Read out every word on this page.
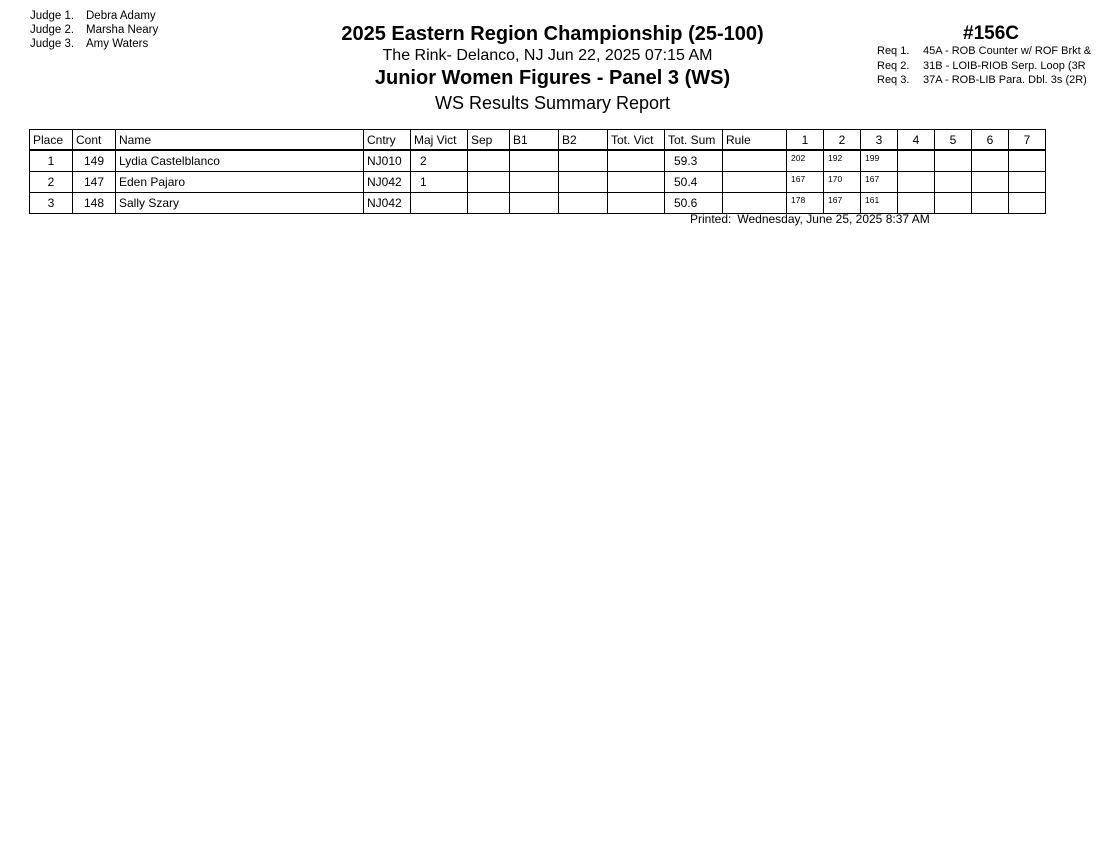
Judge 1. Debra Adamy
Judge 2. Marsha Neary
Judge 3. Amy Waters	2025 Eastern Region Championship (25-100)
The Rink- Delanco, NJ Jun 22, 2025 07:15 AM
Junior Women Figures - Panel 3 (WS)
WS Results Summary Report
#156C
Req 1. 45A - ROB Counter w/ ROF Brkt &
Req 2. 31B - LOIB-RIOB Serp. Loop (3R
Req 3. 37A - ROB-LIB Para. Dbl. 3s (2R)
Place	Cont	Name	Cntry	Maj Vict	Sep	B1	B2	Tot. Vict	Tot. Sum	Rule	1	2	3	4	5	6	7
1	149	Lydia Castelblanco	NJ010	2					59.3		202	192	199				
2	147	Eden Pajaro	NJ042	1					50.4		167	170	167				
3	148	Sally Szary	NJ042						50.6		178	167	161				
Printed: Wednesday, June 25, 2025 8:37 AM
